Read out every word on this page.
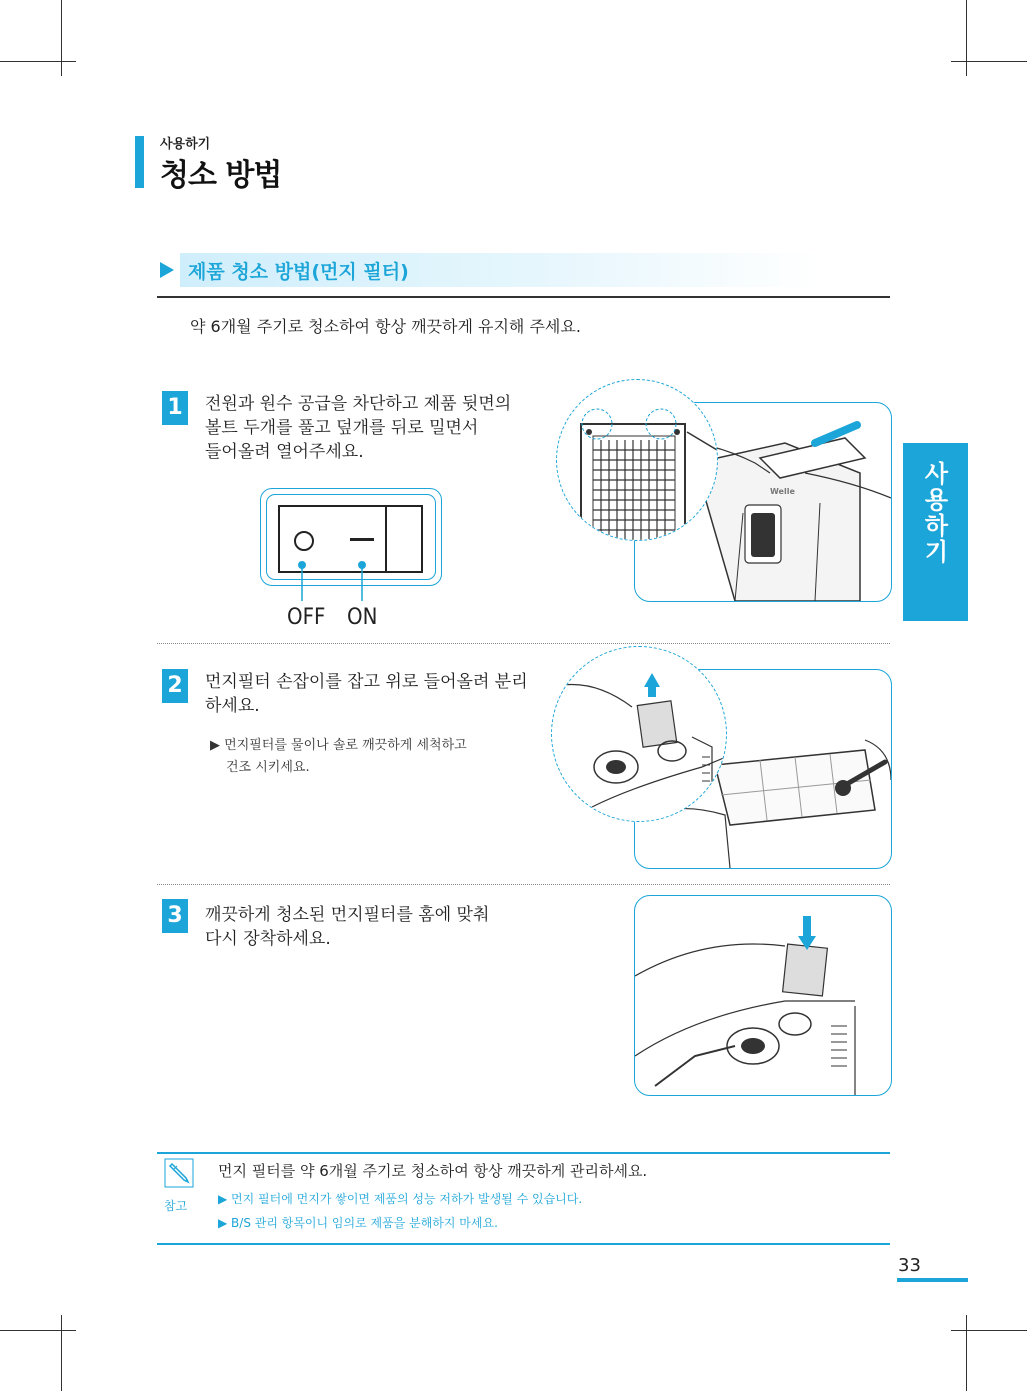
사용하기
청소 방법
제품 청소 방법(먼지 필터)
약 6개월 주기로 청소하여 항상 깨끗하게 유지해 주세요.
1	전원과 원수 공급을 차단하고 제품 뒷면의
볼트 두개를 풀고 덮개를 뒤로 밀면서
들어올려 열어주세요.
OFF ON
Welle	사용하기
2	먼지필터 손잡이를 잡고 위로 들어올려 분리
하세요.
▶ 먼지필터를 물이나 솔로 깨끗하게 세척하고
건조 시키세요.
3	깨끗하게 청소된 먼지필터를 홈에 맞춰
다시 장착하세요.
참고
먼지 필터를 약 6개월 주기로 청소하여 항상 깨끗하게 관리하세요.
▶ 먼지 필터에 먼지가 쌓이면 제품의 성능 저하가 발생될 수 있습니다.
▶ B/S 관리 항목이니 임의로 제품을 분해하지 마세요.
33
